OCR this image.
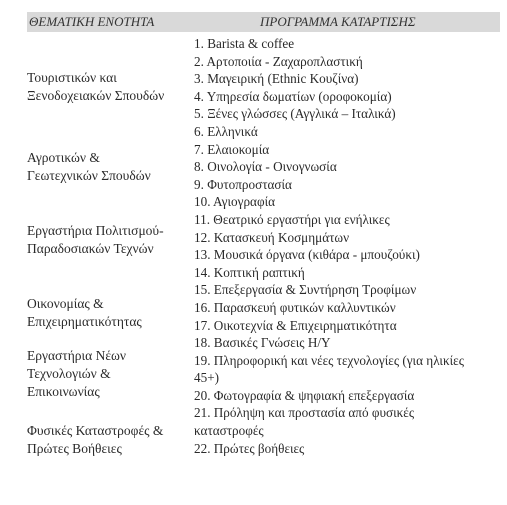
ΘΕΜΑΤΙΚΗ ΕΝΟΤΗΤΑ	ΠΡΟΓΡΑΜΜΑ ΚΑΤΑΡΤΙΣΗΣ
Τουριστικών και
Ξενοδοχειακών Σπουδών
Αγροτικών &
Γεωτεχνικών Σπουδών
Εργαστήρια Πολιτισμού-
Παραδοσιακών Τεχνών
Οικονομίας &
Επιχειρηματικότητας
Εργαστήρια Νέων
Τεχνολογιών &
Επικοινωνίας
Φυσικές Καταστροφές &
Πρώτες Βοήθειες
1. Barista & coffee
2. Αρτοποιία - Ζαχαροπλαστική
3. Μαγειρική (Ethnic Κουζίνα)
4. Υπηρεσία δωματίων (οροφοκομία)
5. Ξένες γλώσσες (Αγγλικά – Ιταλικά)
6. Ελληνικά
7. Ελαιοκομία
8. Οινολογία - Οινογνωσία
9. Φυτοπροστασία
10. Αγιογραφία
11. Θεατρικό εργαστήρι για ενήλικες
12. Κατασκευή Κοσμημάτων
13. Μουσικά όργανα (κιθάρα - μπουζούκι)
14. Κοπτική ραπτική
15. Επεξεργασία & Συντήρηση Τροφίμων
16. Παρασκευή φυτικών καλλυντικών
17. Οικοτεχνία & Επιχειρηματικότητα
18. Βασικές Γνώσεις Η/Υ
19. Πληροφορική και νέες τεχνολογίες (για ηλικίες
45+)
20. Φωτογραφία & ψηφιακή επεξεργασία
21. Πρόληψη και προστασία από φυσικές
καταστροφές
22. Πρώτες βοήθειες
